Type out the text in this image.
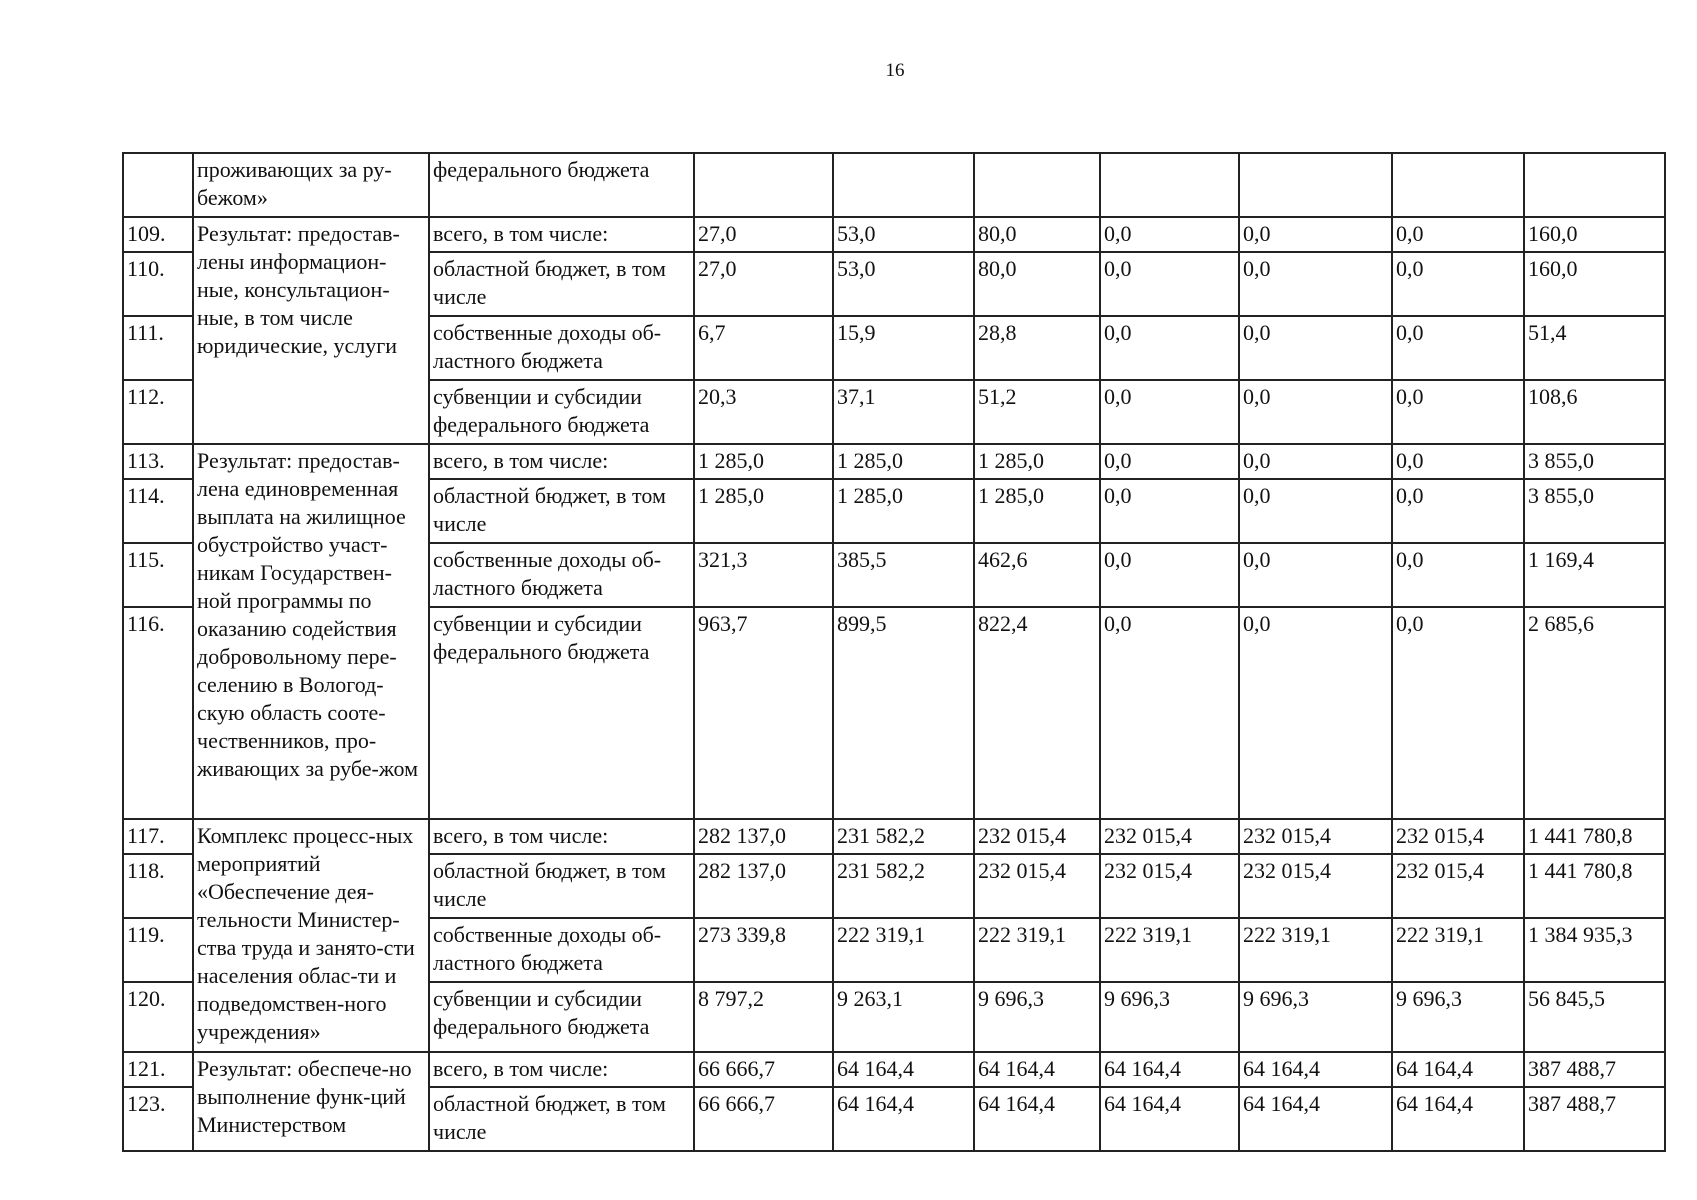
16
	проживающих за ру-бежом»	федерального бюджета							
109.	Результат: предостав-лены информацион-ные, консультацион-ные, в том числе юридические, услуги	всего, в том числе:	27,0	53,0	80,0	0,0	0,0	0,0	160,0
110.		областной бюджет, в том числе	27,0	53,0	80,0	0,0	0,0	0,0	160,0
111.		собственные доходы об-ластного бюджета	6,7	15,9	28,8	0,0	0,0	0,0	51,4
112.		субвенции и субсидии федерального бюджета	20,3	37,1	51,2	0,0	0,0	0,0	108,6
113.	Результат: предостав-лена единовременная выплата на жилищное обустройство участ-никам Государствен-ной программы по оказанию содействия добровольному пере-селению в Вологод-скую область соотe-чественников, про-живающих за рубе-жом	всего, в том числе:	1 285,0	1 285,0	1 285,0	0,0	0,0	0,0	3 855,0
114.		областной бюджет, в том числе	1 285,0	1 285,0	1 285,0	0,0	0,0	0,0	3 855,0
115.		собственные доходы об-ластного бюджета	321,3	385,5	462,6	0,0	0,0	0,0	1 169,4
116.		субвенции и субсидии федерального бюджета	963,7	899,5	822,4	0,0	0,0	0,0	2 685,6
117.	Комплекс процесс-ных мероприятий «Обеспечение дея-тельности Министер-ства труда и занято-сти населения облас-ти и подведомствен-ного учреждения»	всего, в том числе:	282 137,0	231 582,2	232 015,4	232 015,4	232 015,4	232 015,4	1 441 780,8
118.		областной бюджет, в том числе	282 137,0	231 582,2	232 015,4	232 015,4	232 015,4	232 015,4	1 441 780,8
119.		собственные доходы об-ластного бюджета	273 339,8	222 319,1	222 319,1	222 319,1	222 319,1	222 319,1	1 384 935,3
120.		субвенции и субсидии федерального бюджета	8 797,2	9 263,1	9 696,3	9 696,3	9 696,3	9 696,3	56 845,5
121.	Результат: обеспече-но выполнение функ-ций Министерством	всего, в том числе:	66 666,7	64 164,4	64 164,4	64 164,4	64 164,4	64 164,4	387 488,7
123.		областной бюджет, в том числе	66 666,7	64 164,4	64 164,4	64 164,4	64 164,4	64 164,4	387 488,7
